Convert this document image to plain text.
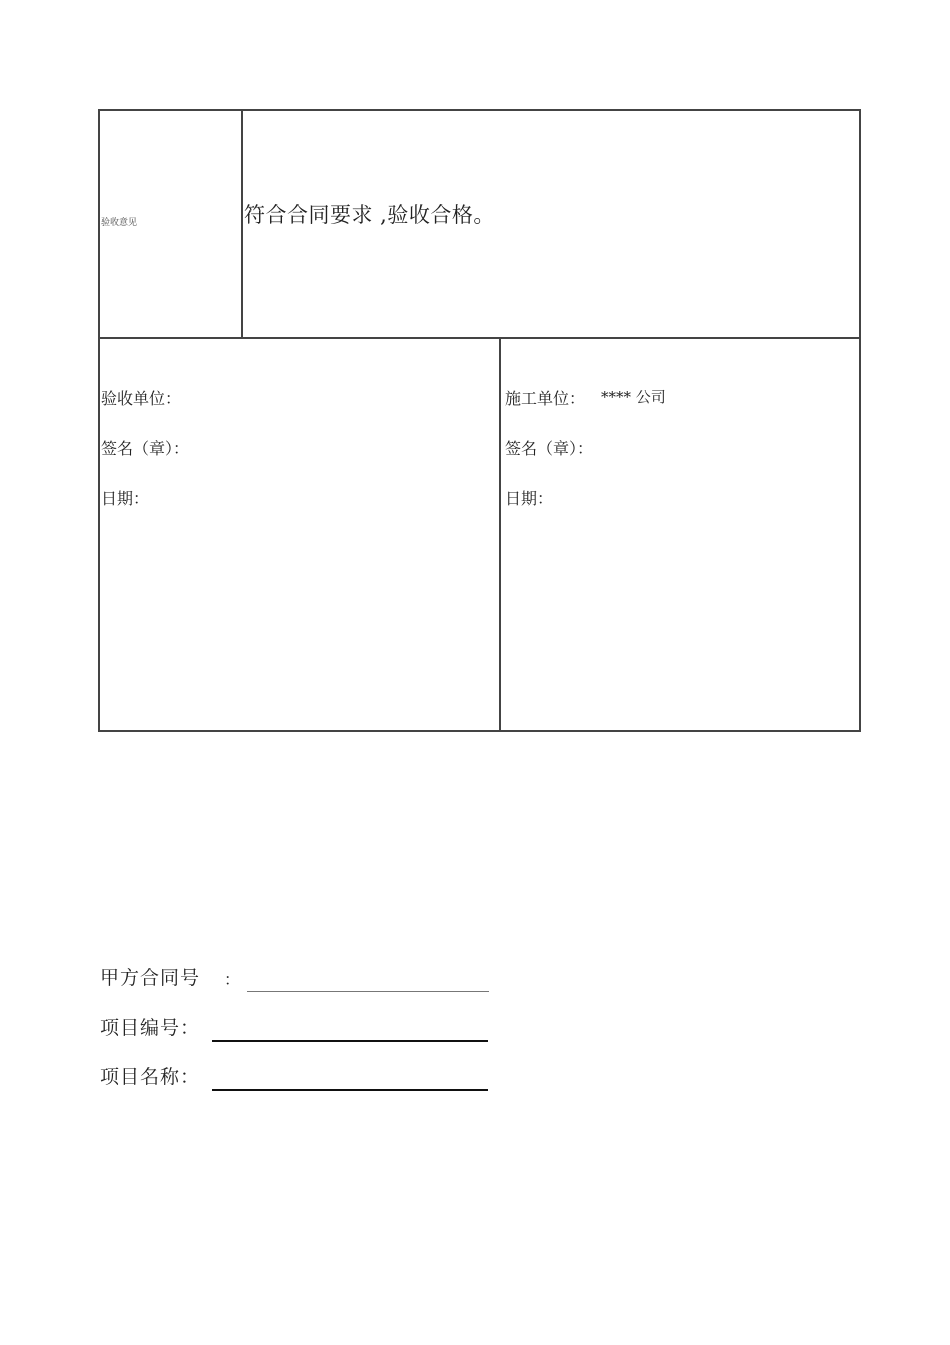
验收意见	符合合同要求 ,验收合格。
验收单位：
签名（章）：
日期：
施工单位： **** 公司
签名（章）：
日期：
甲方合同号 ：
项目编号：
项目名称：
